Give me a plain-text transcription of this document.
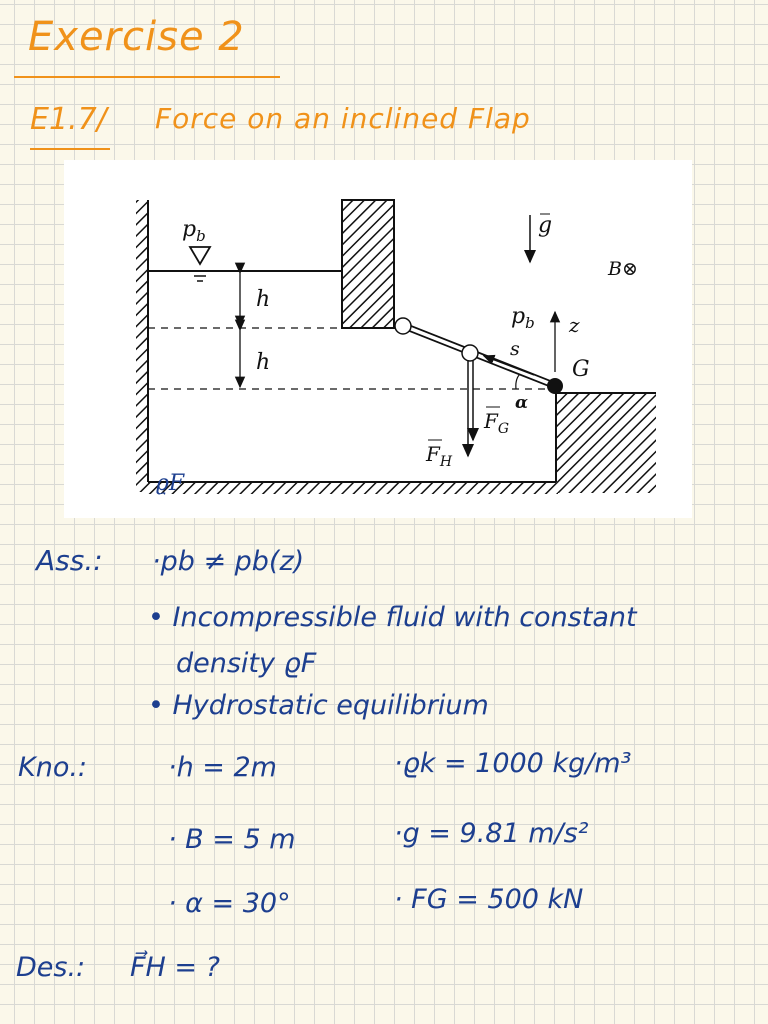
Exercise 2
E1.7/ Force on an inclined Flap
$p_b$
h
h
g
B⊗
$p_b$ z
s
G
α
$F_G$
$F_H$
ϱF
Ass.: ·pb ≠ pb(z)
• Incompressible fluid with constant
density ϱF
• Hydrostatic equilibrium
Kno.:	·h = 2m	·ϱk = 1000 kg/m³
· B = 5 m	·g = 9.81 m/s²
· α = 30°	· FG = 500 kN
Des.: F⃗H = ?
